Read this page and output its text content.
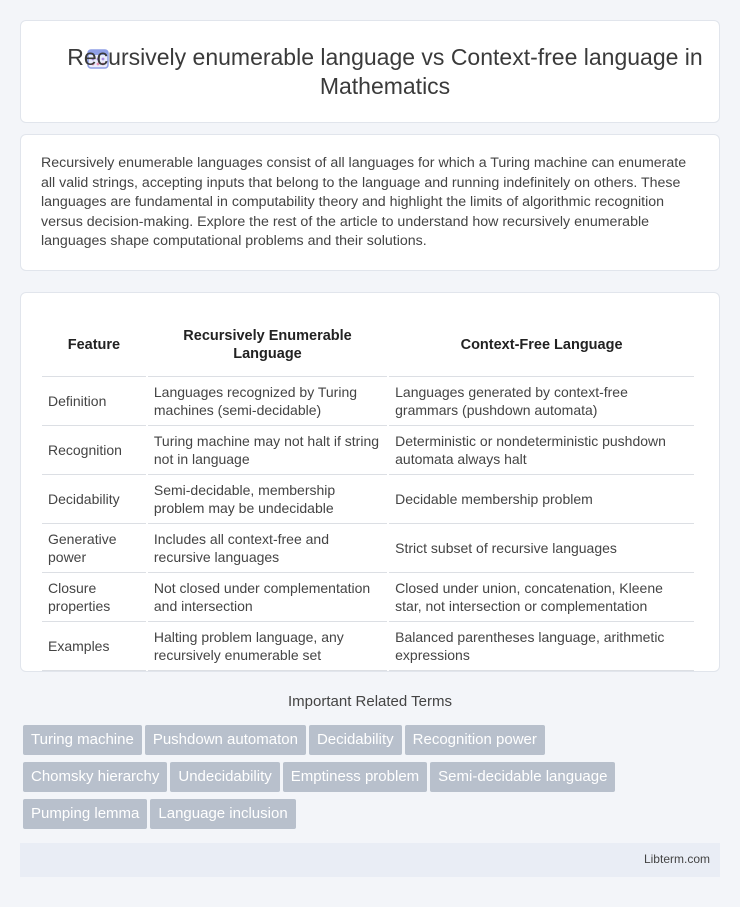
Recursively enumerable language vs Context-free language in Mathematics

Recursively enumerable languages consist of all languages for which a Turing machine can enumerate all valid strings, accepting inputs that belong to the language and running indefinitely on others. These languages are fundamental in computability theory and highlight the limits of algorithmic recognition versus decision-making. Explore the rest of the article to understand how recursively enumerable languages shape computational problems and their solutions.

Feature	Recursively Enumerable Language	Context-Free Language
Definition	Languages recognized by Turing machines (semi-decidable)	Languages generated by context-free grammars (pushdown automata)
Recognition	Turing machine may not halt if string not in language	Deterministic or nondeterministic pushdown automata always halt
Decidability	Semi-decidable, membership problem may be undecidable	Decidable membership problem
Generative power	Includes all context-free and recursive languages	Strict subset of recursive languages
Closure properties	Not closed under complementation and intersection	Closed under union, concatenation, Kleene star, not intersection or complementation
Examples	Halting problem language, any recursively enumerable set	Balanced parentheses language, arithmetic expressions
Important Related Terms
Turing machine Pushdown automaton Decidability Recognition power
Chomsky hierarchy Undecidability Emptiness problem Semi-decidable language
Pumping lemma Language inclusion
Libterm.com
